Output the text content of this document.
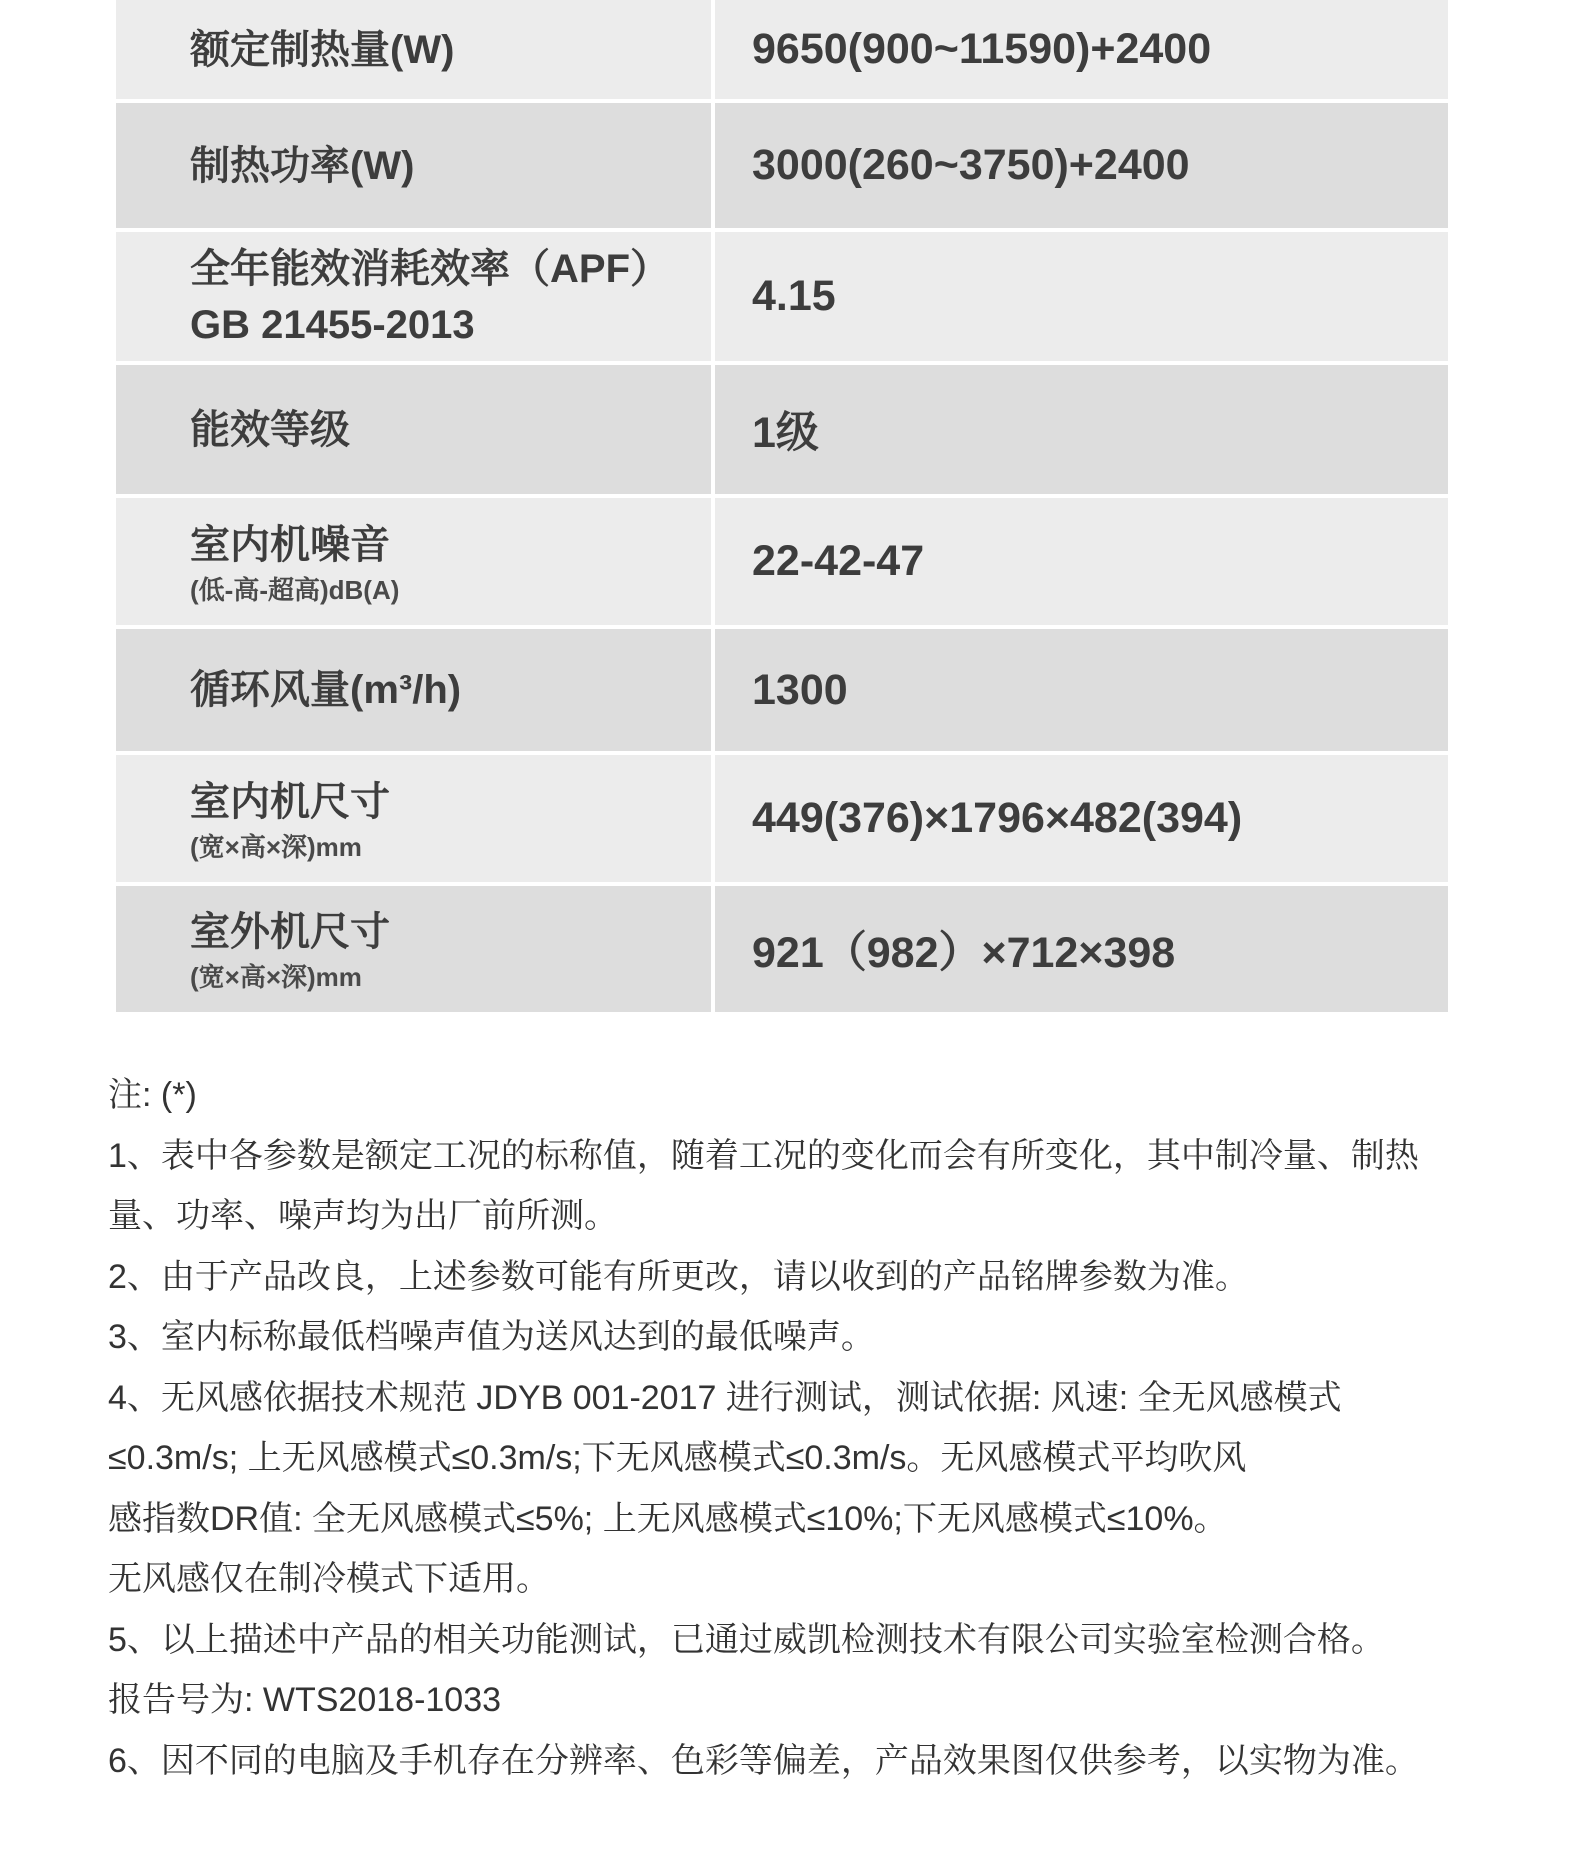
额定制热量(W)	9650(900~11590)+2400

制热功率(W)	3000(260~3750)+2400

全年能效消耗效率（APF）
GB 21455-2013	4.15

能效等级	1级

室内机噪音
(低-高-超高)dB(A)	22-42-47

循环风量(m³/h)	1300

室内机尺寸
(宽×高×深)mm	449(376)×1796×482(394)

室外机尺寸
(宽×高×深)mm	921（982）×712×398
注: (*)
1、表中各参数是额定工况的标称值，随着工况的变化而会有所变化，其中制冷量、制热
量、功率、噪声均为出厂前所测。
2、由于产品改良，上述参数可能有所更改，请以收到的产品铭牌参数为准。
3、室内标称最低档噪声值为送风达到的最低噪声。
4、无风感依据技术规范 JDYB 001-2017 进行测试，测试依据: 风速: 全无风感模式
≤0.3m/s; 上无风感模式≤0.3m/s;下无风感模式≤0.3m/s。无风感模式平均吹风
感指数DR值: 全无风感模式≤5%; 上无风感模式≤10%;下无风感模式≤10%。
无风感仅在制冷模式下适用。
5、以上描述中产品的相关功能测试，已通过威凯检测技术有限公司实验室检测合格。
报告号为: WTS2018-1033
6、因不同的电脑及手机存在分辨率、色彩等偏差，产品效果图仅供参考，以实物为准。
